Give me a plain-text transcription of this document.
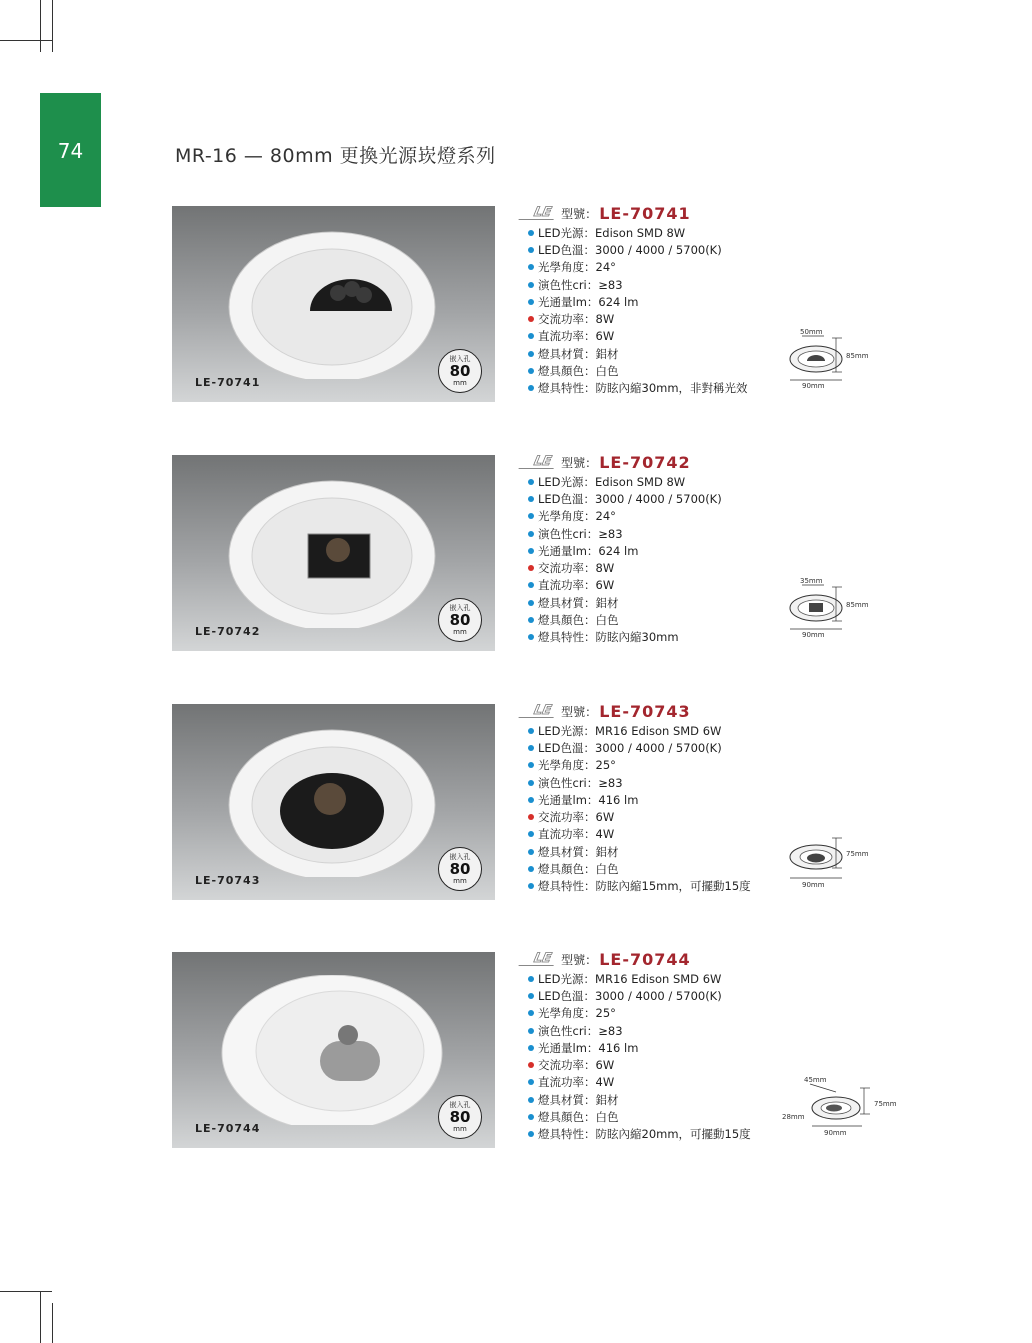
74	MR-16 — 80mm 更換光源崁燈系列
LE-70741
嵌入孔
80
mm
LE 型號： LE-70741
LED光源：Edison SMD 8W
LED色溫：3000 / 4000 / 5700(K)
光學角度：24°
演色性cri：≥83
光通量lm：624 lm
交流功率：8W
直流功率：6W
燈具材質：鋁材
燈具顏色：白色
燈具特性：防眩內縮30mm，非對稱光效
50mm
85mm
90mm
LE-70742
嵌入孔
80
mm
LE 型號： LE-70742
LED光源：Edison SMD 8W
LED色溫：3000 / 4000 / 5700(K)
光學角度：24°
演色性cri：≥83
光通量lm：624 lm
交流功率：8W
直流功率：6W
燈具材質：鋁材
燈具顏色：白色
燈具特性：防眩內縮30mm
35mm
85mm
90mm
LE-70743
嵌入孔
80
mm
LE 型號： LE-70743
LED光源：MR16 Edison SMD 6W
LED色溫：3000 / 4000 / 5700(K)
光學角度：25°
演色性cri：≥83
光通量lm：416 lm
交流功率：6W
直流功率：4W
燈具材質：鋁材
燈具顏色：白色
燈具特性：防眩內縮15mm，可擺動15度
75mm
90mm
LE-70744
嵌入孔
80
mm
LE 型號： LE-70744
LED光源：MR16 Edison SMD 6W
LED色溫：3000 / 4000 / 5700(K)
光學角度：25°
演色性cri：≥83
光通量lm：416 lm
交流功率：6W
直流功率：4W
燈具材質：鋁材
燈具顏色：白色
燈具特性：防眩內縮20mm，可擺動15度
45mm
75mm
28mm
90mm
